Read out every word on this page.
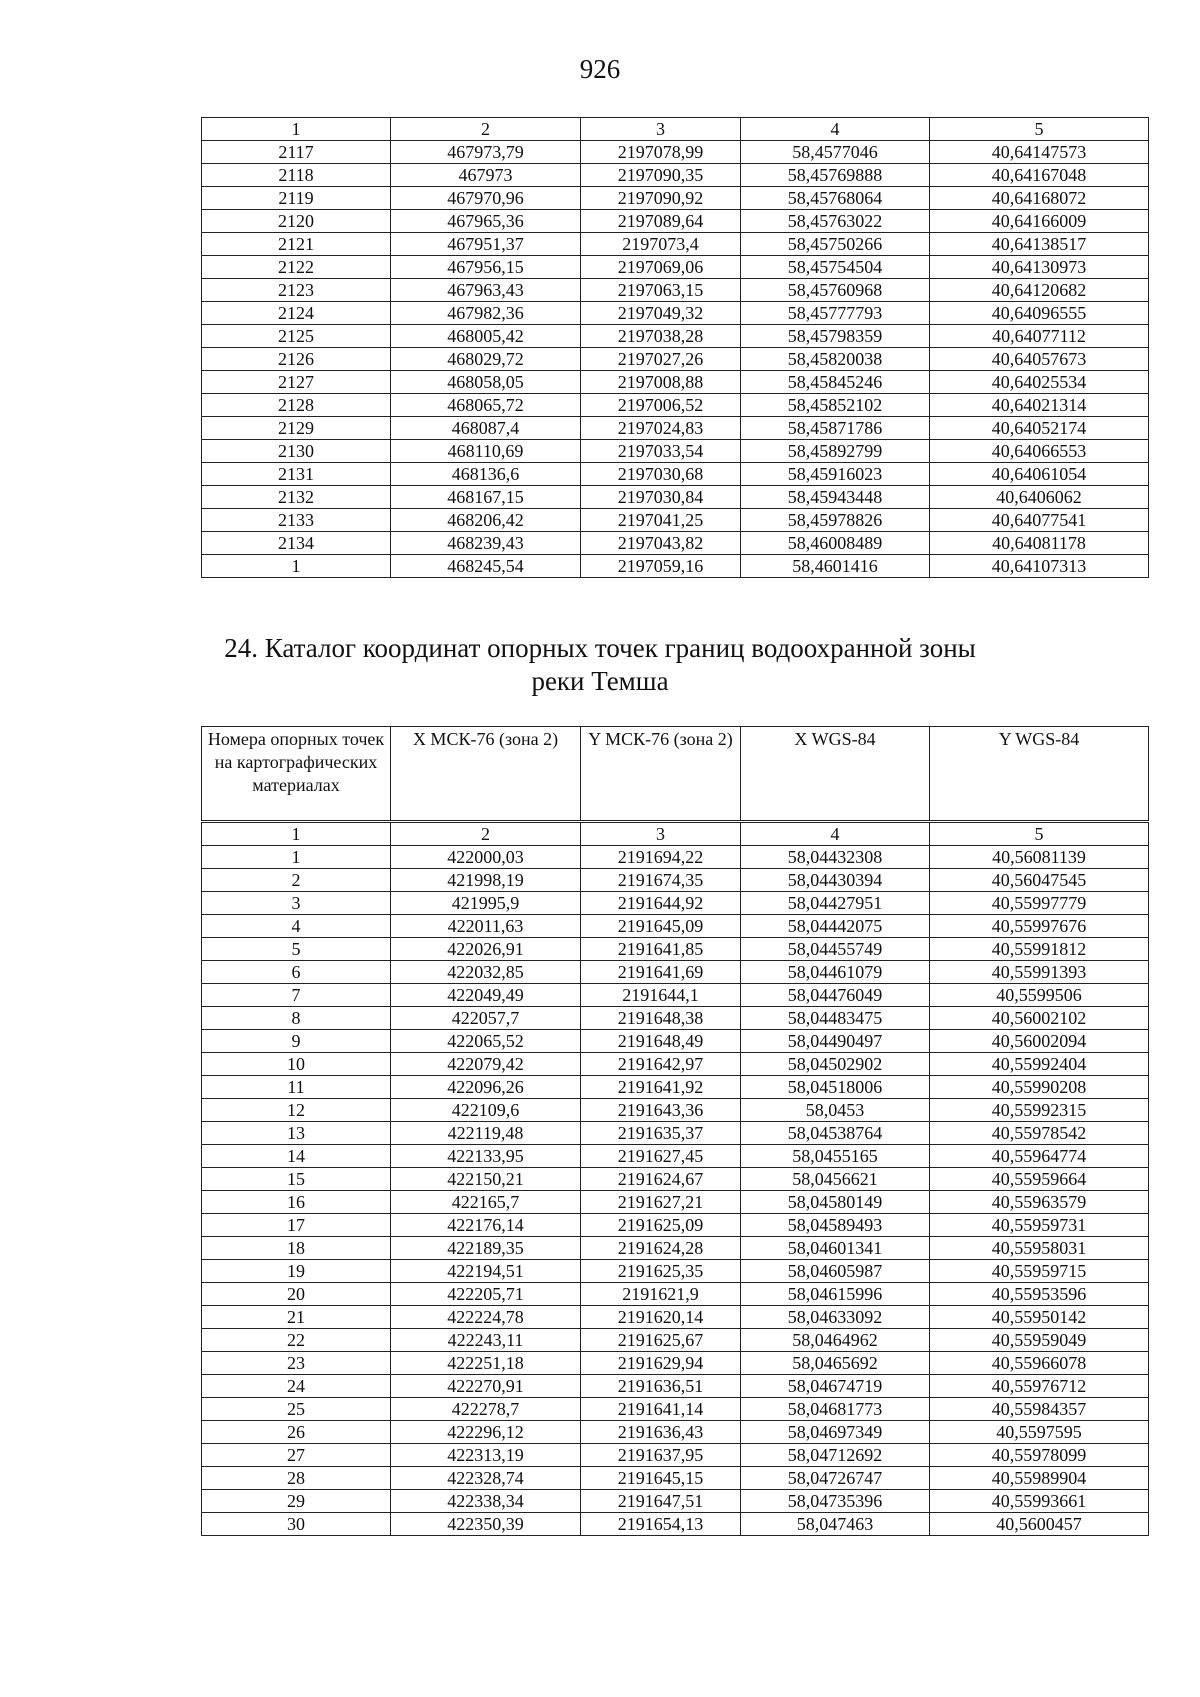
926
1	2	3	4	5
2117	467973,79	2197078,99	58,4577046	40,64147573
2118	467973	2197090,35	58,45769888	40,64167048
2119	467970,96	2197090,92	58,45768064	40,64168072
2120	467965,36	2197089,64	58,45763022	40,64166009
2121	467951,37	2197073,4	58,45750266	40,64138517
2122	467956,15	2197069,06	58,45754504	40,64130973
2123	467963,43	2197063,15	58,45760968	40,64120682
2124	467982,36	2197049,32	58,45777793	40,64096555
2125	468005,42	2197038,28	58,45798359	40,64077112
2126	468029,72	2197027,26	58,45820038	40,64057673
2127	468058,05	2197008,88	58,45845246	40,64025534
2128	468065,72	2197006,52	58,45852102	40,64021314
2129	468087,4	2197024,83	58,45871786	40,64052174
2130	468110,69	2197033,54	58,45892799	40,64066553
2131	468136,6	2197030,68	58,45916023	40,64061054
2132	468167,15	2197030,84	58,45943448	40,6406062
2133	468206,42	2197041,25	58,45978826	40,64077541
2134	468239,43	2197043,82	58,46008489	40,64081178
1	468245,54	2197059,16	58,4601416	40,64107313
24. Каталог координат опорных точек границ водоохранной зоны
реки Темша
Номера опорных точек на картографических материалах	X МСК-76 (зона 2)	Y МСК-76 (зона 2)	X WGS-84	Y WGS-84
1	2	3	4	5
1	422000,03	2191694,22	58,04432308	40,56081139
2	421998,19	2191674,35	58,04430394	40,56047545
3	421995,9	2191644,92	58,04427951	40,55997779
4	422011,63	2191645,09	58,04442075	40,55997676
5	422026,91	2191641,85	58,04455749	40,55991812
6	422032,85	2191641,69	58,04461079	40,55991393
7	422049,49	2191644,1	58,04476049	40,5599506
8	422057,7	2191648,38	58,04483475	40,56002102
9	422065,52	2191648,49	58,04490497	40,56002094
10	422079,42	2191642,97	58,04502902	40,55992404
11	422096,26	2191641,92	58,04518006	40,55990208
12	422109,6	2191643,36	58,0453	40,55992315
13	422119,48	2191635,37	58,04538764	40,55978542
14	422133,95	2191627,45	58,0455165	40,55964774
15	422150,21	2191624,67	58,0456621	40,55959664
16	422165,7	2191627,21	58,04580149	40,55963579
17	422176,14	2191625,09	58,04589493	40,55959731
18	422189,35	2191624,28	58,04601341	40,55958031
19	422194,51	2191625,35	58,04605987	40,55959715
20	422205,71	2191621,9	58,04615996	40,55953596
21	422224,78	2191620,14	58,04633092	40,55950142
22	422243,11	2191625,67	58,0464962	40,55959049
23	422251,18	2191629,94	58,0465692	40,55966078
24	422270,91	2191636,51	58,04674719	40,55976712
25	422278,7	2191641,14	58,04681773	40,55984357
26	422296,12	2191636,43	58,04697349	40,5597595
27	422313,19	2191637,95	58,04712692	40,55978099
28	422328,74	2191645,15	58,04726747	40,55989904
29	422338,34	2191647,51	58,04735396	40,55993661
30	422350,39	2191654,13	58,047463	40,5600457
